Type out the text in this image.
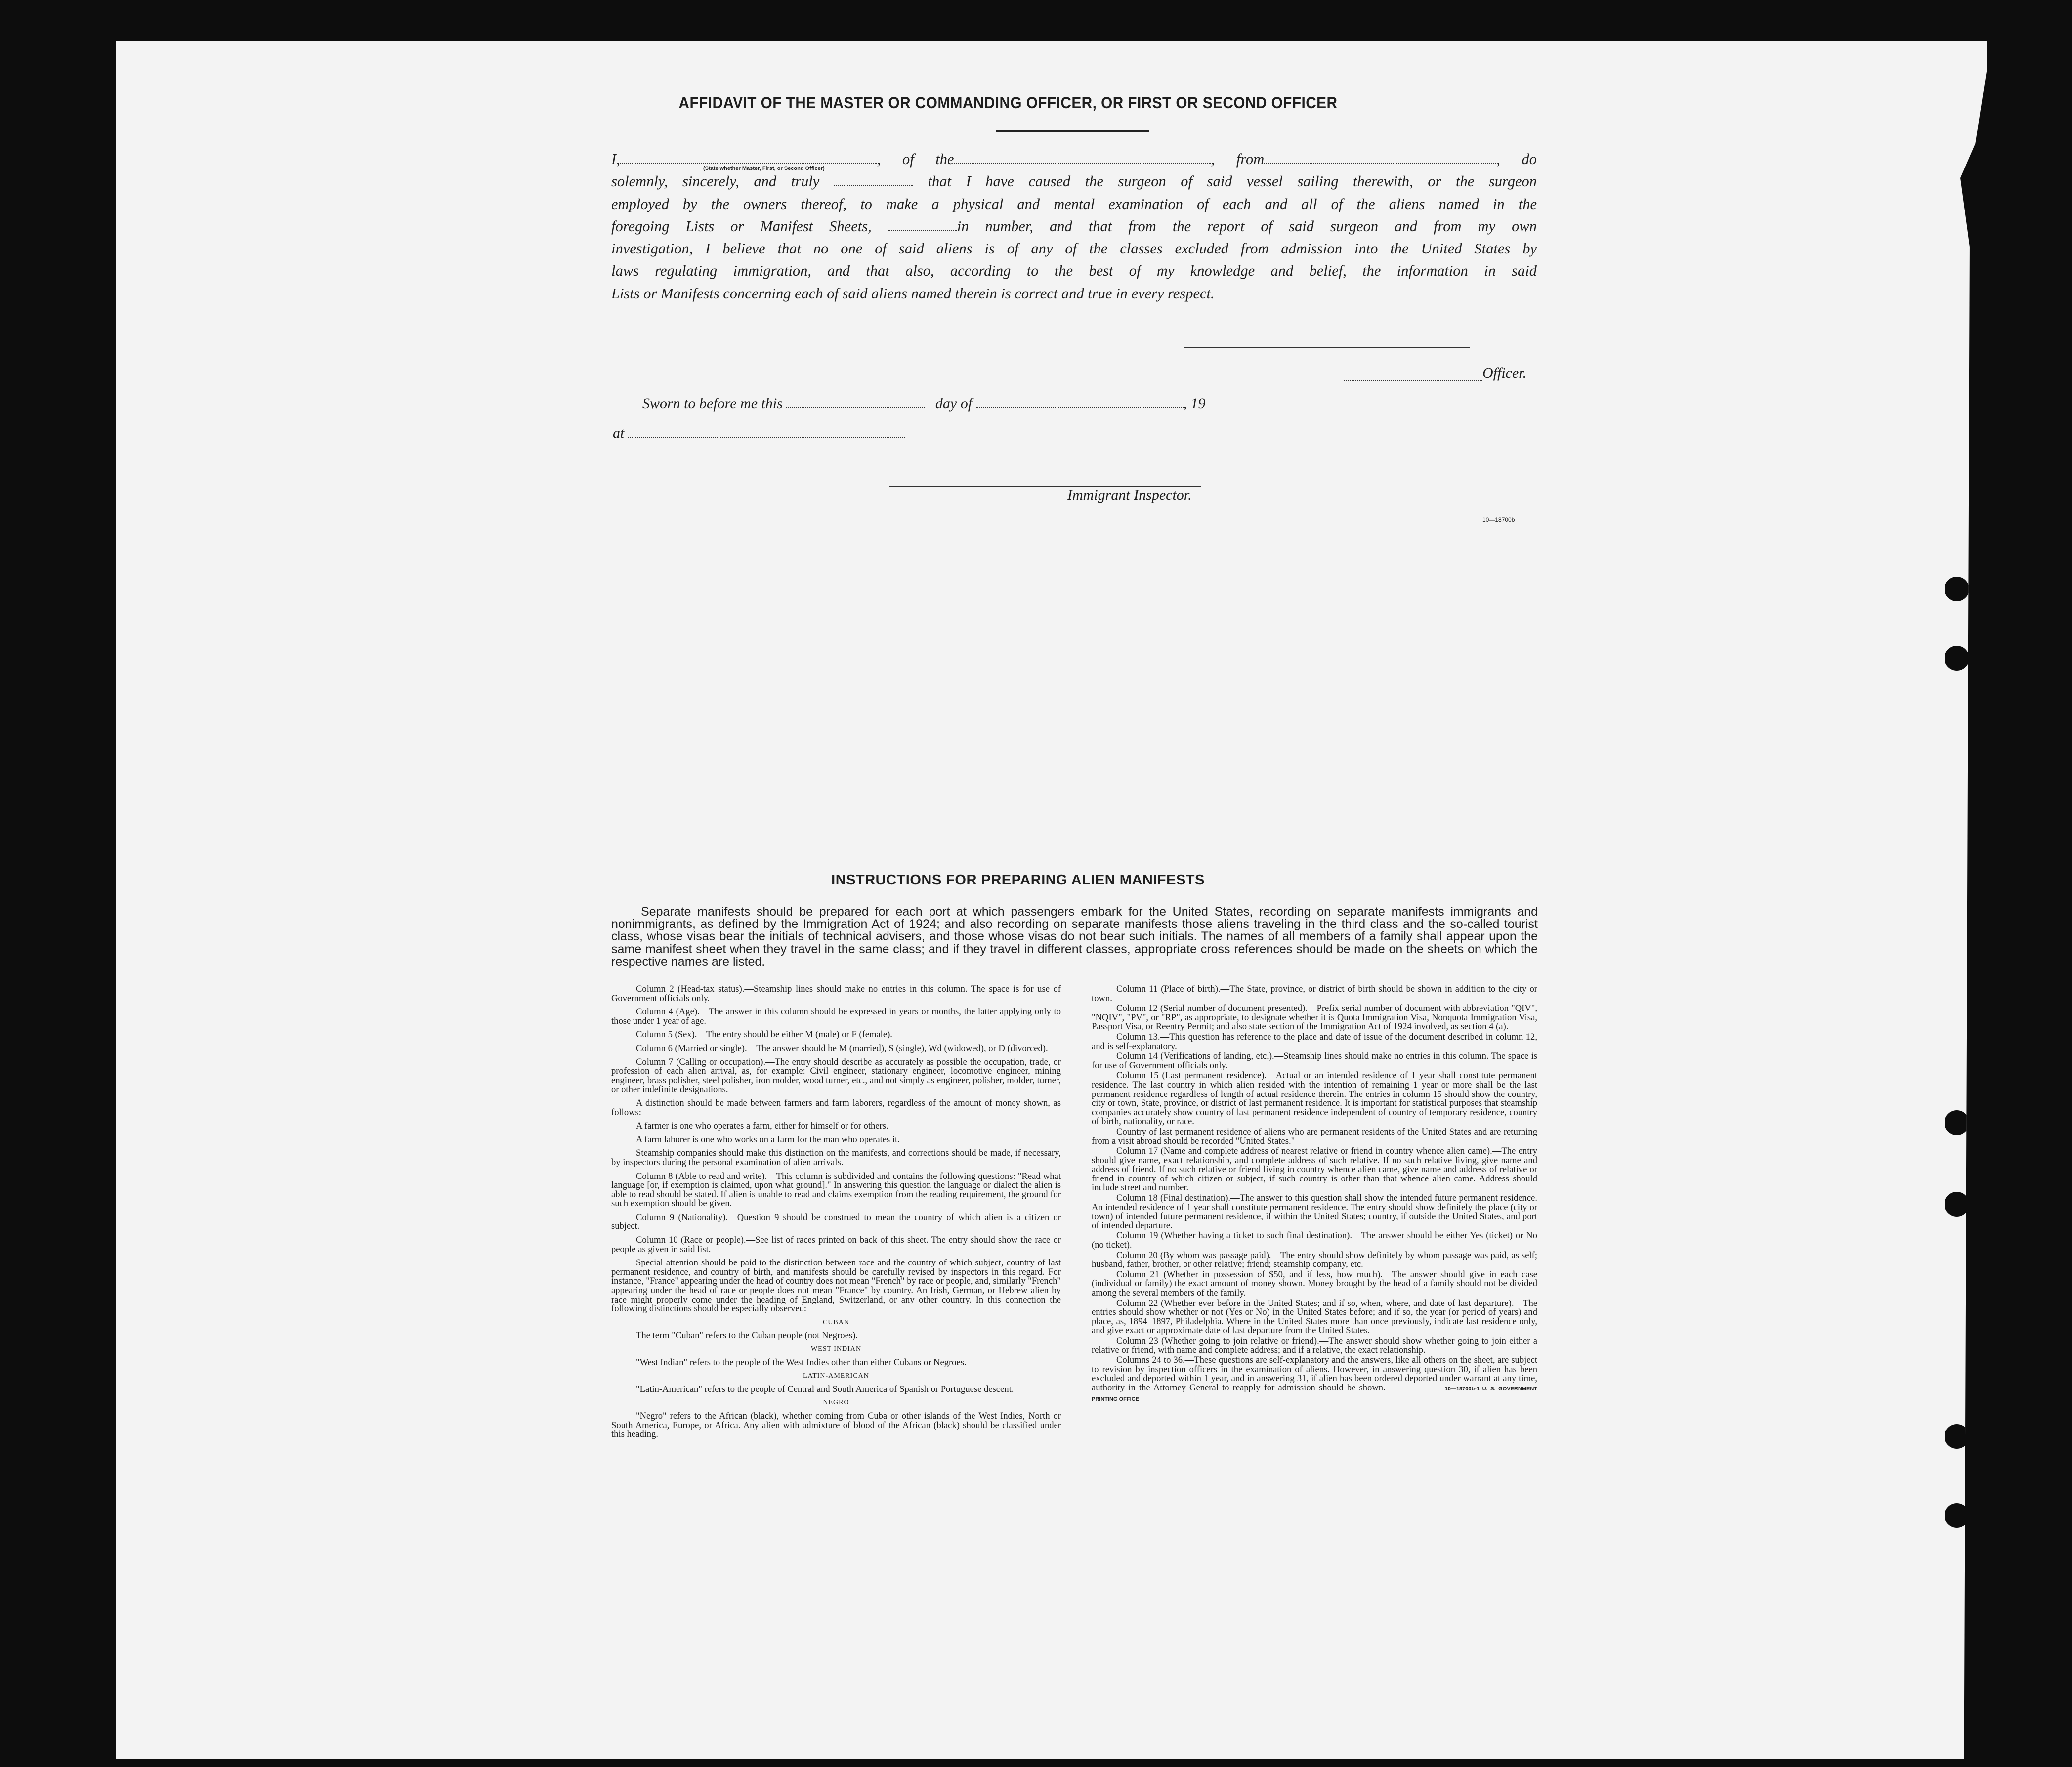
AFFIDAVIT OF THE MASTER OR COMMANDING OFFICER, OR FIRST OR SECOND OFFICER
I,	, of the	, from	, do
solemnly, sincerely, and truly	that I have caused the surgeon of said vessel sailing therewith, or the surgeon
employed by the owners thereof, to make a physical and mental examination of each and all of the aliens named in the
foregoing Lists or Manifest Sheets,	in number, and that from the report of said surgeon and from my own
investigation, I believe that no one of said aliens is of any of the classes excluded from admission into the United States by
laws regulating immigration, and that also, according to the best of my knowledge and belief, the information in said
Lists or Manifests concerning each of said aliens named therein is correct and true in every respect.
(State whether Master, First, or Second Officer)
Officer.
Sworn to before me this	day of	, 19
at
Immigrant Inspector.
10—18700b
INSTRUCTIONS FOR PREPARING ALIEN MANIFESTS
Separate manifests should be prepared for each port at which passengers embark for the United States, recording on separate manifests immigrants and nonimmigrants, as defined by the Immigration Act of 1924; and also recording on separate manifests those aliens traveling in the third class and the so-called tourist class, whose visas bear the initials of technical advisers, and those whose visas do not bear such initials. The names of all members of a family shall appear upon the same manifest sheet when they travel in the same class; and if they travel in different classes, appropriate cross references should be made on the sheets on which the respective names are listed.

Column 2 (Head-tax status).—Steamship lines should make no entries in this column. The space is for use of Government officials only.

Column 4 (Age).—The answer in this column should be expressed in years or months, the latter applying only to those under 1 year of age.

Column 5 (Sex).—The entry should be either M (male) or F (female).

Column 6 (Married or single).—The answer should be M (married), S (single), Wd (widowed), or D (divorced).

Column 7 (Calling or occupation).—The entry should describe as accurately as possible the occupation, trade, or profession of each alien arrival, as, for example: Civil engineer, stationary engineer, locomotive engineer, mining engineer, brass polisher, steel polisher, iron molder, wood turner, etc., and not simply as engineer, polisher, molder, turner, or other indefinite designations.

A distinction should be made between farmers and farm laborers, regardless of the amount of money shown, as follows:

A farmer is one who operates a farm, either for himself or for others.

A farm laborer is one who works on a farm for the man who operates it.

Steamship companies should make this distinction on the manifests, and corrections should be made, if necessary, by inspectors during the personal examination of alien arrivals.

Column 8 (Able to read and write).—This column is subdivided and contains the following questions: "Read what language [or, if exemption is claimed, upon what ground]." In answering this question the language or dialect the alien is able to read should be stated. If alien is unable to read and claims exemption from the reading requirement, the ground for such exemption should be given.

Column 9 (Nationality).—Question 9 should be construed to mean the country of which alien is a citizen or subject.

Column 10 (Race or people).—See list of races printed on back of this sheet. The entry should show the race or people as given in said list.

Special attention should be paid to the distinction between race and the country of which subject, country of last permanent residence, and country of birth, and manifests should be carefully revised by inspectors in this regard. For instance, "France" appearing under the head of country does not mean "French" by race or people, and, similarly "French" appearing under the head of race or people does not mean "France" by country. An Irish, German, or Hebrew alien by race might properly come under the heading of England, Switzerland, or any other country. In this connection the following distinctions should be especially observed:

CUBAN

The term "Cuban" refers to the Cuban people (not Negroes).

WEST INDIAN

"West Indian" refers to the people of the West Indies other than either Cubans or Negroes.

LATIN-AMERICAN

"Latin-American" refers to the people of Central and South America of Spanish or Portuguese descent.

NEGRO

"Negro" refers to the African (black), whether coming from Cuba or other islands of the West Indies, North or South America, Europe, or Africa. Any alien with admixture of blood of the African (black) should be classified under this heading.

Column 11 (Place of birth).—The State, province, or district of birth should be shown in addition to the city or town.

Column 12 (Serial number of document presented).—Prefix serial number of document with abbreviation "QIV", "NQIV", "PV", or "RP", as appropriate, to designate whether it is Quota Immigration Visa, Nonquota Immigration Visa, Passport Visa, or Reentry Permit; and also state section of the Immigration Act of 1924 involved, as section 4 (a).

Column 13.—This question has reference to the place and date of issue of the document described in column 12, and is self-explanatory.

Column 14 (Verifications of landing, etc.).—Steamship lines should make no entries in this column. The space is for use of Government officials only.

Column 15 (Last permanent residence).—Actual or an intended residence of 1 year shall constitute permanent residence. The last country in which alien resided with the intention of remaining 1 year or more shall be the last permanent residence regardless of length of actual residence therein. The entries in column 15 should show the country, city or town, State, province, or district of last permanent residence. It is important for statistical purposes that steamship companies accurately show country of last permanent residence independent of country of temporary residence, country of birth, nationality, or race.

Country of last permanent residence of aliens who are permanent residents of the United States and are returning from a visit abroad should be recorded "United States."

Column 17 (Name and complete address of nearest relative or friend in country whence alien came).—The entry should give name, exact relationship, and complete address of such relative. If no such relative living, give name and address of friend. If no such relative or friend living in country whence alien came, give name and address of relative or friend in country of which citizen or subject, if such country is other than that whence alien came. Address should include street and number.

Column 18 (Final destination).—The answer to this question shall show the intended future permanent residence. An intended residence of 1 year shall constitute permanent residence. The entry should show definitely the place (city or town) of intended future permanent residence, if within the United States; country, if outside the United States, and port of intended departure.

Column 19 (Whether having a ticket to such final destination).—The answer should be either Yes (ticket) or No (no ticket).

Column 20 (By whom was passage paid).—The entry should show definitely by whom passage was paid, as self; husband, father, brother, or other relative; friend; steamship company, etc.

Column 21 (Whether in possession of $50, and if less, how much).—The answer should give in each case (individual or family) the exact amount of money shown. Money brought by the head of a family should not be divided among the several members of the family.

Column 22 (Whether ever before in the United States; and if so, when, where, and date of last departure).—The entries should show whether or not (Yes or No) in the United States before; and if so, the year (or period of years) and place, as, 1894–1897, Philadelphia. Where in the United States more than once previously, indicate last residence only, and give exact or approximate date of last departure from the United States.

Column 23 (Whether going to join relative or friend).—The answer should show whether going to join either a relative or friend, with name and complete address; and if a relative, the exact relationship.

Columns 24 to 36.—These questions are self-explanatory and the answers, like all others on the sheet, are subject to revision by inspection officers in the examination of aliens. However, in answering question 30, if alien has been excluded and deported within 1 year, and in answering 31, if alien has been ordered deported under warrant at any time, authority in the Attorney General to reapply for admission should be shown.	10—18700b-1 U. S. GOVERNMENT PRINTING OFFICE
